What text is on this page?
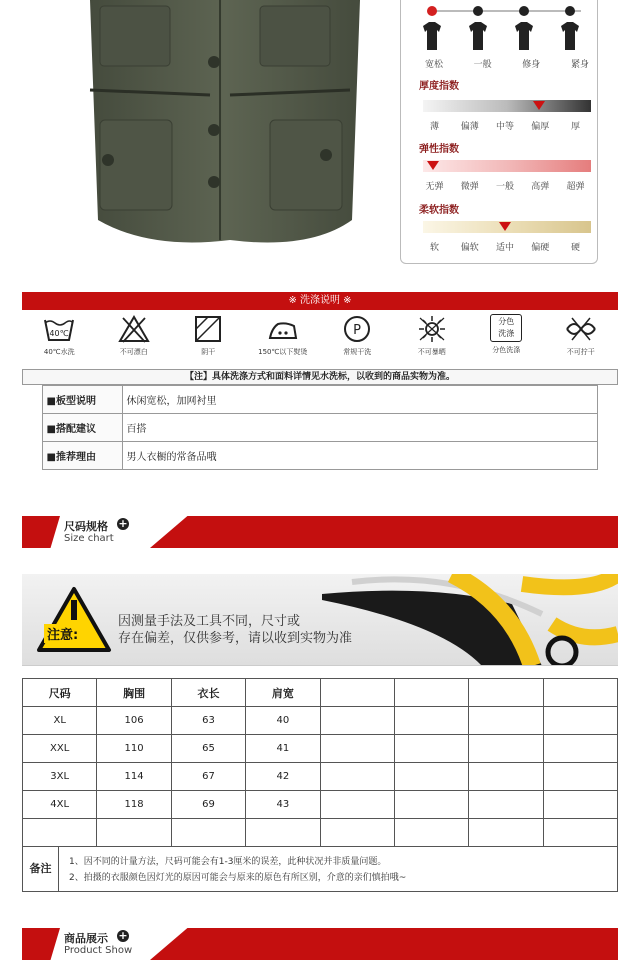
宽松	一般	修身	紧身
厚度指数
薄	偏薄	中等	偏厚	厚
弹性指数
无弹	微弹	一般	高弹	超弹
柔软指数
软	偏软	适中	偏硬	硬
※ 洗涤说明 ※
40℃
40℃水洗	不可漂白	阴干	150℃以下熨烫
P
常规干洗	不可暴晒
分色
洗涤
分色洗涤	不可拧干
【注】具体洗涤方式和面料详情见水洗标，以收到的商品实物为准。
	■板型说明	休闲宽松，加网衬里
	■搭配建议	百搭
	■推荐理由	男人衣橱的常备品哦
尺码规格 +
Size chart
注意:
因测量手法及工具不同，尺寸或
存在偏差，仅供参考，请以收到实物为准
尺码	胸围	衣长	肩宽				
XL	106	63	40				
XXL	110	65	41				
3XL	114	67	42				
4XL	118	69	43				

备注	1、因不同的计量方法，尺码可能会有1-3厘米的误差，此种状况并非质量问题。
2、拍摄的衣服颜色因灯光的原因可能会与原来的原色有所区别，介意的亲们慎拍哦~
商品展示 +
Product Show
